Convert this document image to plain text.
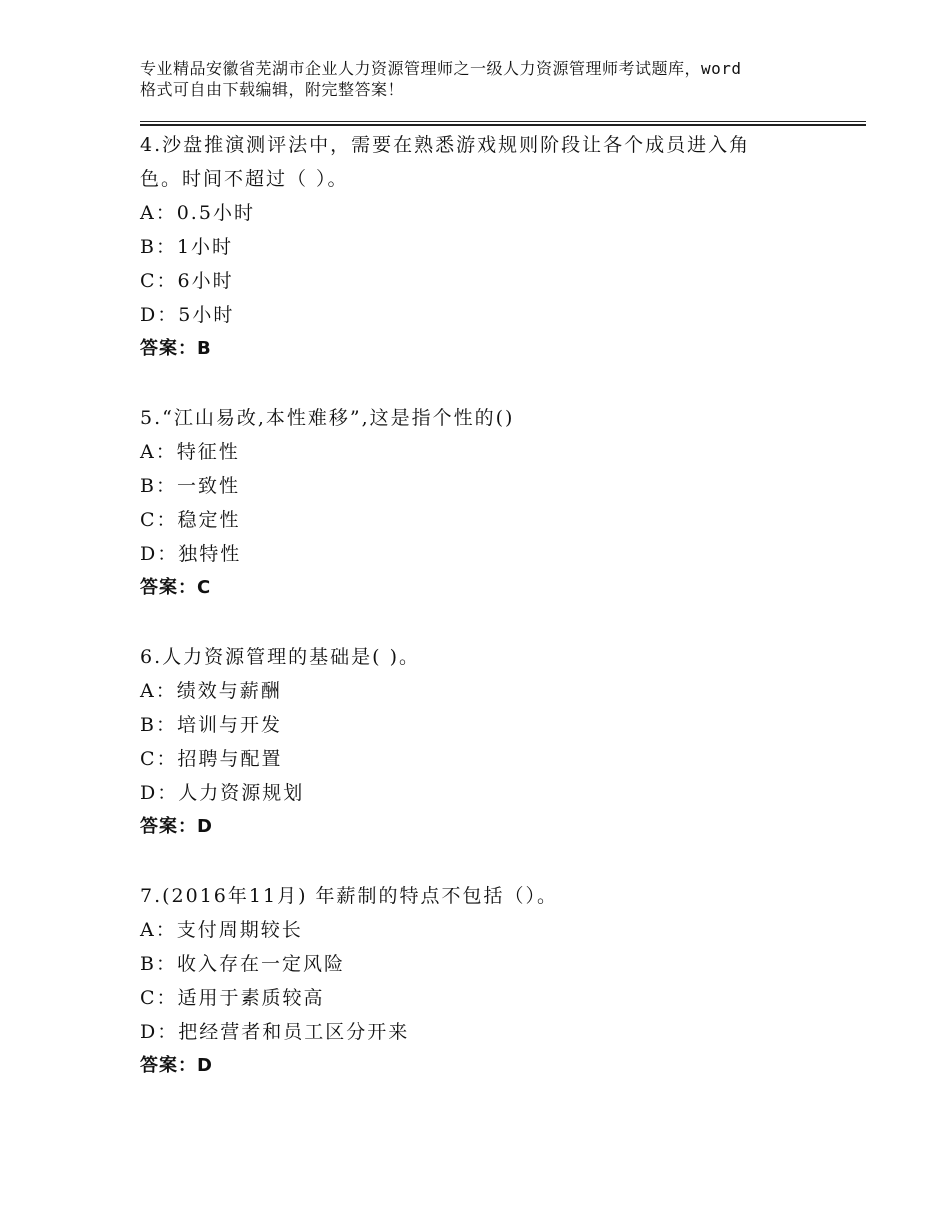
专业精品安徽省芜湖市企业人力资源管理师之一级人力资源管理师考试题库，word
格式可自由下载编辑，附完整答案！
4.沙盘推演测评法中，需要在熟悉游戏规则阶段让各个成员进入角
色。时间不超过（ ）。
A：0.5小时
B：1小时
C：6小时
D：5小时
答案：B
5.“江山易改,本性难移”,这是指个性的()
A：特征性
B：一致性
C：稳定性
D：独特性
答案：C
6.人力资源管理的基础是( )。
A：绩效与薪酬
B：培训与开发
C：招聘与配置
D：人力资源规划
答案：D
7.(2016年11月) 年薪制的特点不包括（）。
A：支付周期较长
B：收入存在一定风险
C：适用于素质较高
D：把经营者和员工区分开来
答案：D
